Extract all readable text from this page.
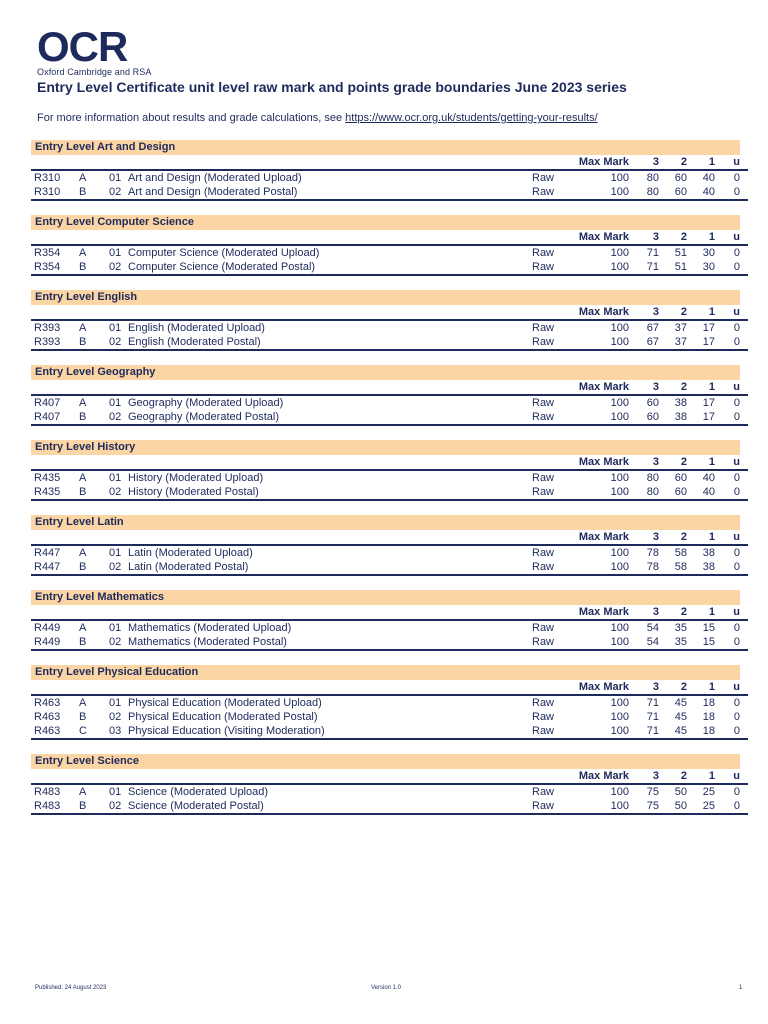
OCR
Oxford Cambridge and RSA
Entry Level Certificate unit level raw mark and points grade boundaries June 2023 series
For more information about results and grade calculations, see https://www.ocr.org.uk/students/getting-your-results/
Entry Level Art and Design
					Max Mark	3	2	1	u
R310	A	01	Art and Design (Moderated Upload)	Raw	100	80	60	40	0
R310	B	02	Art and Design (Moderated Postal)	Raw	100	80	60	40	0
Entry Level Computer Science
					Max Mark	3	2	1	u
R354	A	01	Computer Science (Moderated Upload)	Raw	100	71	51	30	0
R354	B	02	Computer Science (Moderated Postal)	Raw	100	71	51	30	0
Entry Level English
					Max Mark	3	2	1	u
R393	A	01	English (Moderated Upload)	Raw	100	67	37	17	0
R393	B	02	English (Moderated Postal)	Raw	100	67	37	17	0
Entry Level Geography
					Max Mark	3	2	1	u
R407	A	01	Geography (Moderated Upload)	Raw	100	60	38	17	0
R407	B	02	Geography (Moderated Postal)	Raw	100	60	38	17	0
Entry Level History
					Max Mark	3	2	1	u
R435	A	01	History (Moderated Upload)	Raw	100	80	60	40	0
R435	B	02	History (Moderated Postal)	Raw	100	80	60	40	0
Entry Level Latin
					Max Mark	3	2	1	u
R447	A	01	Latin (Moderated Upload)	Raw	100	78	58	38	0
R447	B	02	Latin (Moderated Postal)	Raw	100	78	58	38	0
Entry Level Mathematics
					Max Mark	3	2	1	u
R449	A	01	Mathematics (Moderated Upload)	Raw	100	54	35	15	0
R449	B	02	Mathematics (Moderated Postal)	Raw	100	54	35	15	0
Entry Level Physical Education
					Max Mark	3	2	1	u
R463	A	01	Physical Education (Moderated Upload)	Raw	100	71	45	18	0
R463	B	02	Physical Education (Moderated Postal)	Raw	100	71	45	18	0
R463	C	03	Physical Education (Visiting Moderation)	Raw	100	71	45	18	0
Entry Level Science
					Max Mark	3	2	1	u
R483	A	01	Science (Moderated Upload)	Raw	100	75	50	25	0
R483	B	02	Science (Moderated Postal)	Raw	100	75	50	25	0
Published: 24 August 2023	Version 1.0	1
